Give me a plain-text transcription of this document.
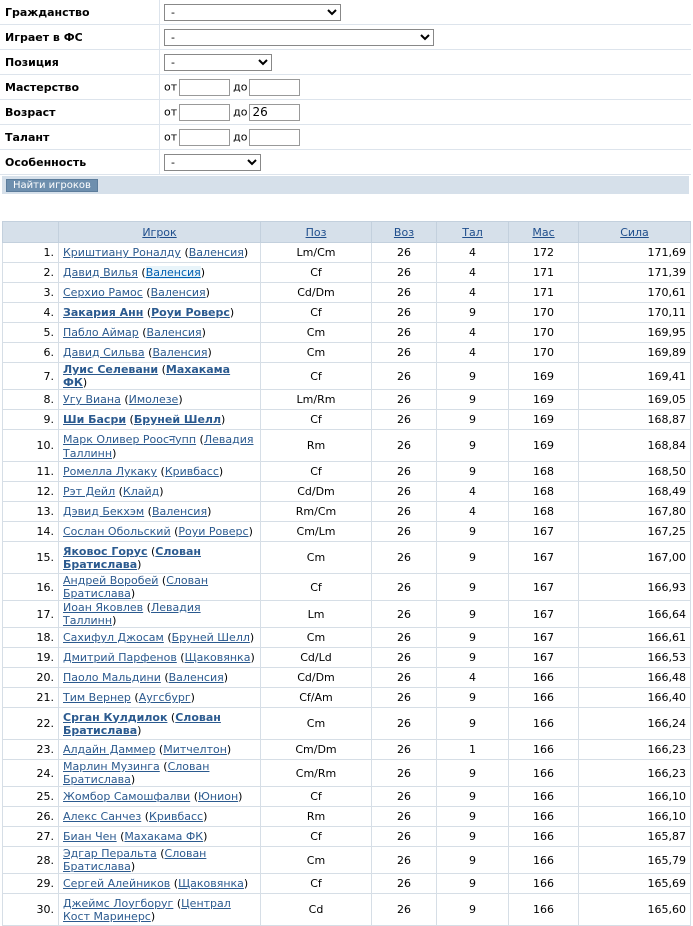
Гражданство	
-
Играет в ФС	
-
Позиция	
-
Мастерство	от до
Возраст	от до26
Талант	от до
Особенность	
-
Найти игроков
	Игрок	Поз	Воз	Тал	Мас	Сила
1.	Криштиану Роналду (Валенсия)	Lm/Cm	26	4	172	171,69
2.	Давид Вилья (Валенсия)	Cf	26	4	171	171,39
3.	Серхио Рамос (Валенсия)	Cd/Dm	26	4	171	170,61
4.	Закария Анн (Роуи Роверс)	Cf	26	9	170	170,11
5.	Пабло Аймар (Валенсия)	Cm	26	4	170	169,95
6.	Давид Сильва (Валенсия)	Cm	26	4	170	169,89
7.	Луис Селевани (Махакама ФК)	Cf	26	9	169	169,41
8.	Угу Виана (Имолезе)	Lm/Rm	26	9	169	169,05
9.	Ши Басри (Бруней Шелл)	Cf	26	9	169	168,87
10.	Марк Оливер Роосनупп (Левадия Таллинн)	Rm	26	9	169	168,84
11.	Ромелла Лукаку (Кривбасс)	Cf	26	9	168	168,50
12.	Рэт Дейл (Клайд)	Cd/Dm	26	4	168	168,49
13.	Дэвид Бекхэм (Валенсия)	Rm/Cm	26	4	168	167,80
14.	Сослан Обольский (Роуи Роверс)	Cm/Lm	26	9	167	167,25
15.	Яковос Горус (Слован Братислава)	Cm	26	9	167	167,00
16.	Андрей Воробей (Слован Братислава)	Cf	26	9	167	166,93
17.	Иоан Яковлев (Левадия Таллинн)	Lm	26	9	167	166,64
18.	Сахифул Джосам (Бруней Шелл)	Cm	26	9	167	166,61
19.	Дмитрий Парфенов (Щаковянка)	Cd/Ld	26	9	167	166,53
20.	Паоло Мальдини (Валенсия)	Cd/Dm	26	4	166	166,48
21.	Тим Вернер (Аугсбург)	Cf/Am	26	9	166	166,40
22.	Срган Кулдилок (Слован Братислава)	Cm	26	9	166	166,24
23.	Алдайн Даммер (Митчелтон)	Cm/Dm	26	1	166	166,23
24.	Марлин Музинга (Слован Братислава)	Cm/Rm	26	9	166	166,23
25.	Жомбор Самошфалви (Юнион)	Cf	26	9	166	166,10
26.	Алекс Санчез (Кривбасс)	Rm	26	9	166	166,10
27.	Биан Чен (Махакама ФК)	Cf	26	9	166	165,87
28.	Эдгар Перальта (Слован Братислава)	Cm	26	9	166	165,79
29.	Сергей Алейников (Щаковянка)	Cf	26	9	166	165,69
30.	Джеймс Лоугборуг (Централ Кост Маринерс)	Cd	26	9	166	165,60
